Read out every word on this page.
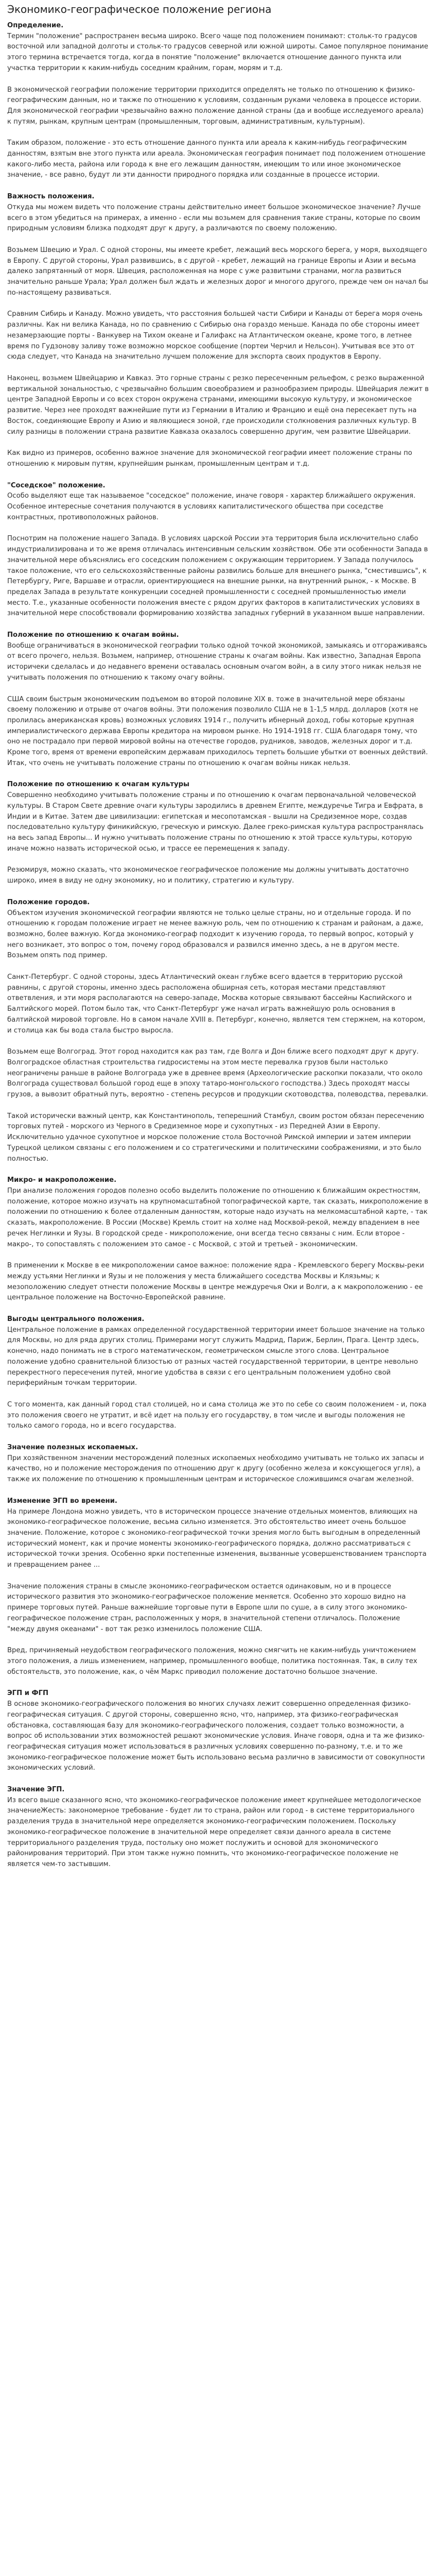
Экономико-географическое положение региона
Определение.

Термин "положение" распространен весьма широко. Всего чаще под положением понимают: стольк-то градусов восточной или западной долготы и стольк-то градусов северной или южной широты. Самое популярное понимание этого термина встречается тогда, когда в понятие "положение" включается отношение данного пункта или участка территории к каким-нибудь соседним крайним, горам, морям и т.д.

В экономической географии положение территории приходится определять не только по отношению к физико-географическим данным, но и также по отношению к условиям, созданным руками человека в процессе истории. Для экономической географии чрезвычайно важно положение данной страны (да и вообще исследуемого ареала) к путям, рынкам, крупным центрам (промышленным, торговым, административным, культурным).

Таким образом, положение - это есть отношение данного пункта или ареала к каким-нибудь географическим данностям, взятым вне этого пункта или ареала. Экономическая география понимает под положением отношение какого-либо места, района или города к вне его лежащим данностям, имеющим то или иное экономическое значение, - все равно, будут ли эти данности природного порядка или созданные в процессе истории.

Важность положения.

Откуда мы можем видеть что положение страны действительно имеет большое экономическое значение? Лучше всего в этом убедиться на примерах, а именно - если мы возьмем для сравнения такие страны, которые по своим природным условиям близка подходят друг к другу, а различаются по своему положению.

Возьмем Швецию и Урал. С одной стороны, мы имеете кребет, лежащий весь морского берега, у моря, выходящего в Европу. С другой стороны, Урал развившись, в с другой - кребет, лежащий на границе Европы и Азии и весьма далеко запрятанный от моря. Швеция, расположенная на море с уже развитыми странами, могла развиться значительно раньше Урала; Урал должен был ждать и железных дорог и многого другого, прежде чем он начал бы по-настоящему развиваться.

Сравним Сибирь и Канаду. Можно увидеть, что расстояния большей части Сибири и Канады от берега моря очень различны. Как ни велика Канада, но по сравнению с Сибирью она гораздо меньше. Канада по обе стороны имеет незамерзающие порты - Ванкувер на Тихом океане и Галифакс на Атлантическом океане, кроме того, в летнее время по Гудзонову заливу тоже возможно морское сообщение (портеи Черчил и Нельсон). Учитывая все это от сюда следует, что Канада на значительно лучшем положение для экспорта своих продуктов в Европу.

Наконец, возьмем Швейцарию и Кавказ. Это горные страны с резко пересеченным рельефом, с резко выраженной вертикальной зональностью, с чрезвычайно большим своеобразием и разнообразием природы. Швейцария лежит в центре Западной Европы и со всех сторон окружена странами, имеющими высокую культуру, и экономическое развитие. Через нее проходят важнейшие пути из Германии в Италию и Францию и ещё она пересекает путь на Восток, соединяющие Европу и Азию и являющиеся зоной, где происходили столкновения различных культур. В силу разницы в положении страна развитие Кавказа оказалось совершенно другим, чем развитие Швейцарии.

Как видно из примеров, особенно важное значение для экономической географии имеет положение страны по отношению к мировым путям, крупнейшим рынкам, промышленным центрам и т.д.

"Соседское" положение.

Особо выделяют еще так называемое "соседское" положение, иначе говоря - характер ближайшего окружения. Особенное интересные сочетания получаются в условиях капиталистического общества при соседстве контрастных, противоположных районов.

Поснотрим на положение нашего Запада. В условиях царской России эта территория была исключительно слабо индустриализирована и то же время отличалась интенсивным сельским хозяйством. Обе эти особенности Запада в значительной мере объяснялись его соседским положением с окружающим территорием. У Запада получилось такое положение, что его сельскохозяйственные районы развились больше для внешнего рынка, "сместившись", к Петербургу, Риге, Варшаве и отрасли, ориентирующиеся на внешние рынки, на внутренний рынок, - к Москве. В пределах Запада в результате конкуренции соседней промышленности с соседней промышленностью имели место. Т.е., указанные особенности положения вместе с рядом других факторов в капиталистических условиях в значительной мере способствовали формированию хозяйства западных губерний в указанном выше направлении.

Положение по отношению к очагам войны.

Вообще ограничиваться в экономической географии только одной точкой экономикой, замыкаясь и отгораживаясь от всего прочего, нельзя. Возьмем, например, отношение страны к очагам войны. Как известно, Западная Европа историчеки сделалась и до недавнего времени оставалась основным очагом войн, а в силу этого никак нельзя не учитывать положения по отношению к такому очагу войны.

США своим быстрым экономическим подъемом во второй половине XIX в. тоже в значительной мере обязаны своему положению и отрыве от очагов войны. Эти положения позволило США не в 1-1,5 млрд. долларов (хотя не пролилась американская кровь) возможных условиях 1914 г., получить ибнерный доход, гобы которые крупная империалистического держава Европы кредитора на мировом рынке. Но 1914-1918 гг. США благодаря тому, что оно не пострадало при первой мировой войны на отечестве городов, рудников, заводов, железных дорог и т.д. Кроме того, время от времени европейским державам приходилось терпеть большие убытки от военных действий. Итак, что очень не учитывать положение страны по отношению к очагам войны никак нельзя.

Положение по отношению к очагам культуры

Совершенно необходимо учитывать положение страны и по отношению к очагам первоначальной человеческой культуры. В Старом Свете древние очаги культуры зародились в древнем Египте, междуречье Тигра и Евфрата, в Индии и в Китае. Затем две цивилизации: египетская и месопотамская - вышли на Средиземное море, создав последовательно культуру финикийскую, греческую и римскую. Далее греко-римская культура распространялась на весь запад Европы... И нужно учитывать положение страны по отношению к этой трассе культуры, которую иначе можно назвать исторической осью, и трассе ее перемещения к западу.

Резюмируя, можно сказать, что экономическое географическое положение мы должны учитывать достаточно широко, имея в виду не одну экономику, но и политику, стратегию и культуру.

Положение городов.

Объектом изучения экономической географии являются не только целые страны, но и отдельные города. И по отношению к городам положение играет не менее важную роль, чем по отношению к странам и районам, а даже, возможно, более важную. Когда экономико-географ подходит к изучению города, то первый вопрос, который у него возникает, это вопрос о том, почему город образовался и развился именно здесь, а не в другом месте. Возьмем опять под пример.

Санкт-Петербург. С одной стороны, здесь Атлантический океан глубже всего вдается в территорию русской равнины, с другой стороны, именно здесь расположена обширная сеть, которая местами представляют ответвления, и эти моря располагаются на северо-западе, Москва которые связывают бассейны Каспийского и Балтийского морей. Потом было так, что Санкт-Петербург уже начал играть важнейшую роль основания в балтийской мировой торговле. Но в самом начале XVIII в. Петербург, конечно, является тем стержнем, на котором, и столица как бы вода стала быстро выросла.

Возьмем еще Волгоград. Этот город находится как раз там, где Волга и Дон ближе всего подходят друг к другу. Волгоградское областная строительства гидросистемы на этом месте перевалка грузов были настолько неограничены раньше в районе Волгограда уже в древнее время (Археологические раскопки показали, что около Волгограда существовал большой город еще в эпоху татаро-монгольского господства.) Здесь проходят массы грузов, а вывозит обратный путь, вероятно - степень ресурсов и продукции скотоводства, полеводства, перевалки.

Такой исторически важный центр, как Константинополь, теперешний Стамбул, своим ростом обязан пересечению торговых путей - морского из Черного в Средиземное море и сухопутных - из Передней Азии в Европу. Исключительно удачное сухопутное и морское положение стола Восточной Римской империи и затем империи Турецкой целиком связаны с его положением и со стратегическими и политическими соображениями, и это было полностью.

Микро- и макроположение.

При анализе положения городов полезно особо выделить положение по отношению к ближайшим окрестностям, положение, которое можно изучать на крупномасштабной топографической карте, так сказать, микроположение в положении по отношению к более отдаленным данностям, которые надо изучать на мелкомасштабной карте, - так сказать, макроположение. В России (Москве) Кремль стоит на холме над Москвой-рекой, между впадением в нее речек Неглинки и Яузы. В городской среде - микроположение, они всегда тесно связаны с ним. Если второе - макро-, то сопоставлять с положением это самое - с Москвой, с этой и третьей - экономическим.

В применении к Москве в ее микроположении самое важное: положение ядра - Кремлевского берегу Москвы-реки между устьями Неглинки и Яузы и не положения у места ближайшего соседства Москвы и Клязьмы; к мезоположению следует отнести положение Москвы в центре междуречья Оки и Волги, а к макроположению - ее центральное положение на Восточно-Европейской равнине.

Выгоды центрального положения.

Центральное положение в рамках определенной государственной территории имеет большое значение на только для Москвы, но для ряда других столиц. Примерами могут служить Мадрид, Париж, Берлин, Прага. Центр здесь, конечно, надо понимать не в строго математическом, геометрическом смысле этого слова. Центральное положение удобно сравнительной близостью от разных частей государственной территории, в центре невольно перекрестного пересечения путей, многие удобства в связи с его центральным положением удобно свой периферийным точкам территории.

С того момента, как данный город стал столицей, но и сама столица же это по себе со своим положением - и, пока это положения своего не утратит, и всё идет на пользу его государству, в том числе и выгоды положения не только самого города, но и всего государства.

Значение полезных ископаемых.

При хозяйственном значении месторождений полезных ископаемых необходимо учитывать не только их запасы и качество, но и положение месторождения по отношению друг к другу (особенно железа и коксующегося угля), а также их положение по отношению к промышленным центрам и историческое сложившимся очагам железной.

Изменение ЭГП во времени.

На примере Лондона можно увидеть, что в историческом процессе значение отдельных моментов, влияющих на экономико-географическое положение, весьма сильно изменяется. Это обстоятельство имеет очень большое значение. Положение, которое с экономико-географической точки зрения могло быть выгодным в определенный исторический момент, как и прочие моменты экономико-географического порядка, должно рассматриваться с исторической точки зрения. Особенно ярки постепенные изменения, вызванные усовершенствованием транспорта и превращением ранее ...

Значение положения страны в смысле экономико-географическом остается одинаковым, но и в процессе исторического развития это экономико-географическое положение меняется. Особенно это хорошо видно на примере торговых путей. Раньше важнейшие торговые пути в Европе шли по суше, а в силу этого экономико-географическое положение стран, расположенных у моря, в значительной степени отличалось. Положение "между двумя океанами" - вот так резко изменилось положение США.

Вред, причиняемый неудобством географического положения, можно смягчить не каким-нибудь уничтожением этого положения, а лишь изменением, например, промышленного вообще, политика постоянная. Так, в силу тех обстоятельств, это положение, как, о чём Маркс приводил положение достаточно большое значение.

ЭГП и ФГП

В основе экономико-географического положения во многих случаях лежит совершенно определенная физико-географическая ситуация. С другой стороны, совершенно ясно, что, например, эта физико-географическая обстановка, составляющая базу для экономико-географического положения, создает только возможности, а вопрос об использовании этих возможностей решают экономические условия. Иначе говоря, одна и та же физико-географическая ситуация может использоваться в различных условиях совершенно по-разному, т.е. и то же экономико-географическое положение может быть использовано весьма различно в зависимости от совокупности экономических условий.

Значение ЭГП.

Из всего выше сказанного ясно, что экономико-географическое положение имеет крупнейшее методологическое значениеЖесть: закономерное требование - будет ли то страна, район или город - в системе территориального разделения труда в значительной мере определяется экономико-географическим положением. Поскольку экономико-географическое положение в значительной мере определяет связи данного ареала в системе территориального разделения труда, постольку оно может послужить и основой для экономического районирования территорий. При этом также нужно помнить, что экономико-географическое положение не является чем-то застывшим.
